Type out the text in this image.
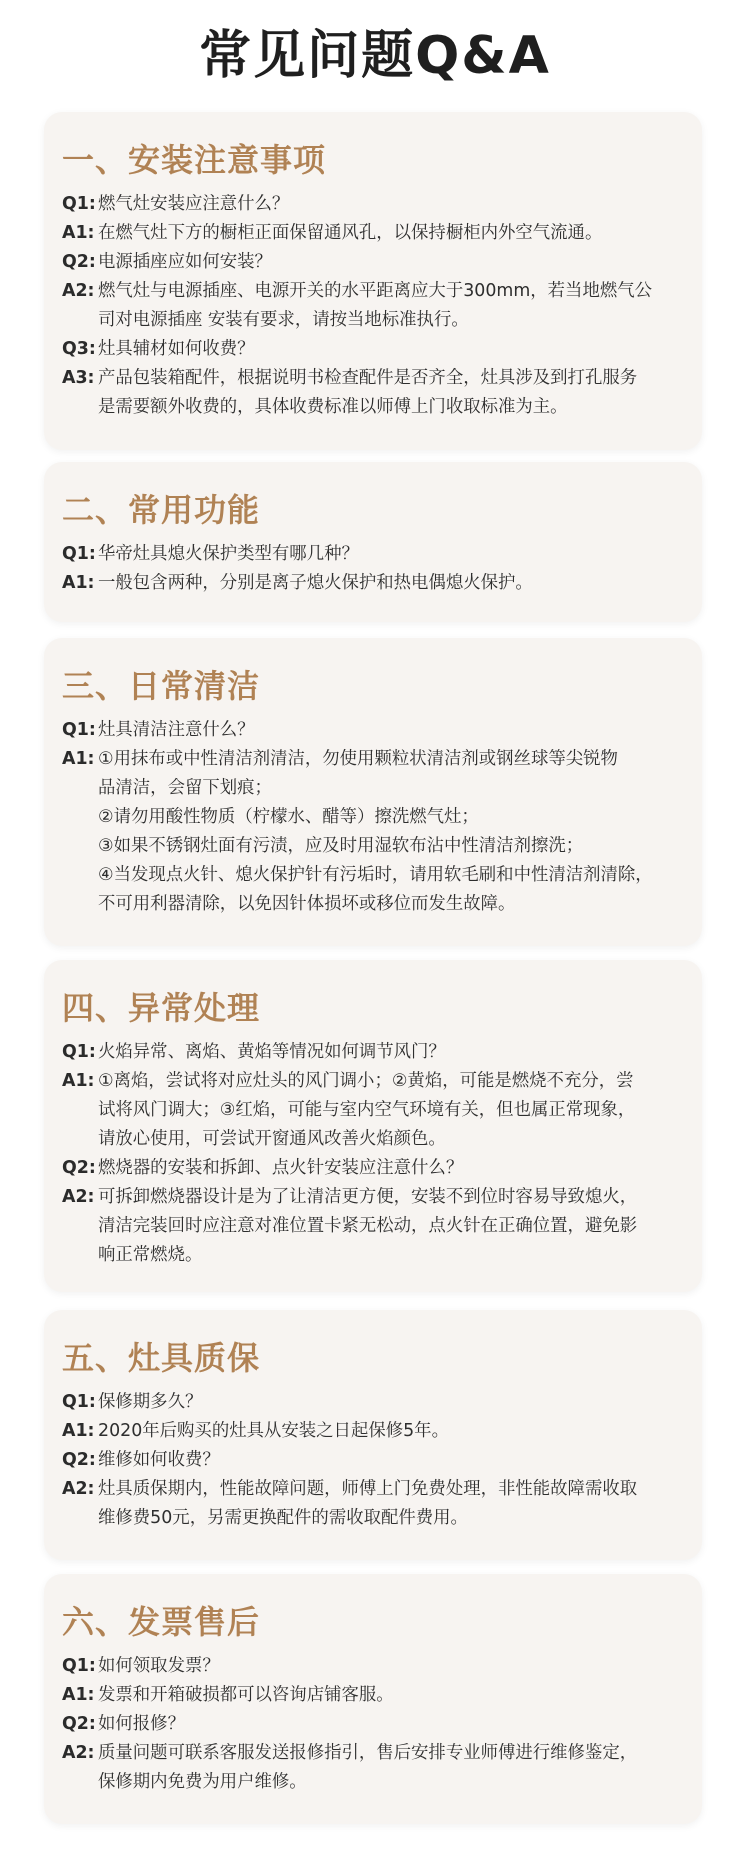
常见问题Q&A
一、安装注意事项
Q1: 燃气灶安装应注意什么？
A1: 在燃气灶下方的橱柜正面保留通风孔，以保持橱柜内外空气流通。
Q2: 电源插座应如何安装？
A2: 燃气灶与电源插座、电源开关的水平距离应大于300mm，若当地燃气公
司对电源插座 安装有要求，请按当地标准执行。
Q3: 灶具辅材如何收费？
A3: 产品包装箱配件，根据说明书检查配件是否齐全，灶具涉及到打孔服务
是需要额外收费的，具体收费标准以师傅上门收取标准为主。
二、常用功能
Q1: 华帝灶具熄火保护类型有哪几种？
A1: 一般包含两种，分别是离子熄火保护和热电偶熄火保护。
三、日常清洁
Q1: 灶具清洁注意什么？
A1: ①用抹布或中性清洁剂清洁，勿使用颗粒状清洁剂或钢丝球等尖锐物
品清洁，会留下划痕；
②请勿用酸性物质（柠檬水、醋等）擦洗燃气灶；
③如果不锈钢灶面有污渍，应及时用湿软布沾中性清洁剂擦洗；
④当发现点火针、熄火保护针有污垢时，请用软毛刷和中性清洁剂清除，
不可用利器清除，以免因针体损坏或移位而发生故障。
四、异常处理
Q1: 火焰异常、离焰、黄焰等情况如何调节风门？
A1: ①离焰，尝试将对应灶头的风门调小；②黄焰，可能是燃烧不充分，尝
试将风门调大；③红焰，可能与室内空气环境有关，但也属正常现象，
请放心使用，可尝试开窗通风改善火焰颜色。
Q2: 燃烧器的安装和拆卸、点火针安装应注意什么？
A2: 可拆卸燃烧器设计是为了让清洁更方便，安装不到位时容易导致熄火，
清洁完装回时应注意对准位置卡紧无松动，点火针在正确位置，避免影
响正常燃烧。
五、灶具质保
Q1: 保修期多久？
A1: 2020年后购买的灶具从安装之日起保修5年。
Q2: 维修如何收费？
A2: 灶具质保期内，性能故障问题，师傅上门免费处理，非性能故障需收取
维修费50元，另需更换配件的需收取配件费用。
六、发票售后
Q1: 如何领取发票？
A1: 发票和开箱破损都可以咨询店铺客服。
Q2: 如何报修？
A2: 质量问题可联系客服发送报修指引，售后安排专业师傅进行维修鉴定，
保修期内免费为用户维修。
